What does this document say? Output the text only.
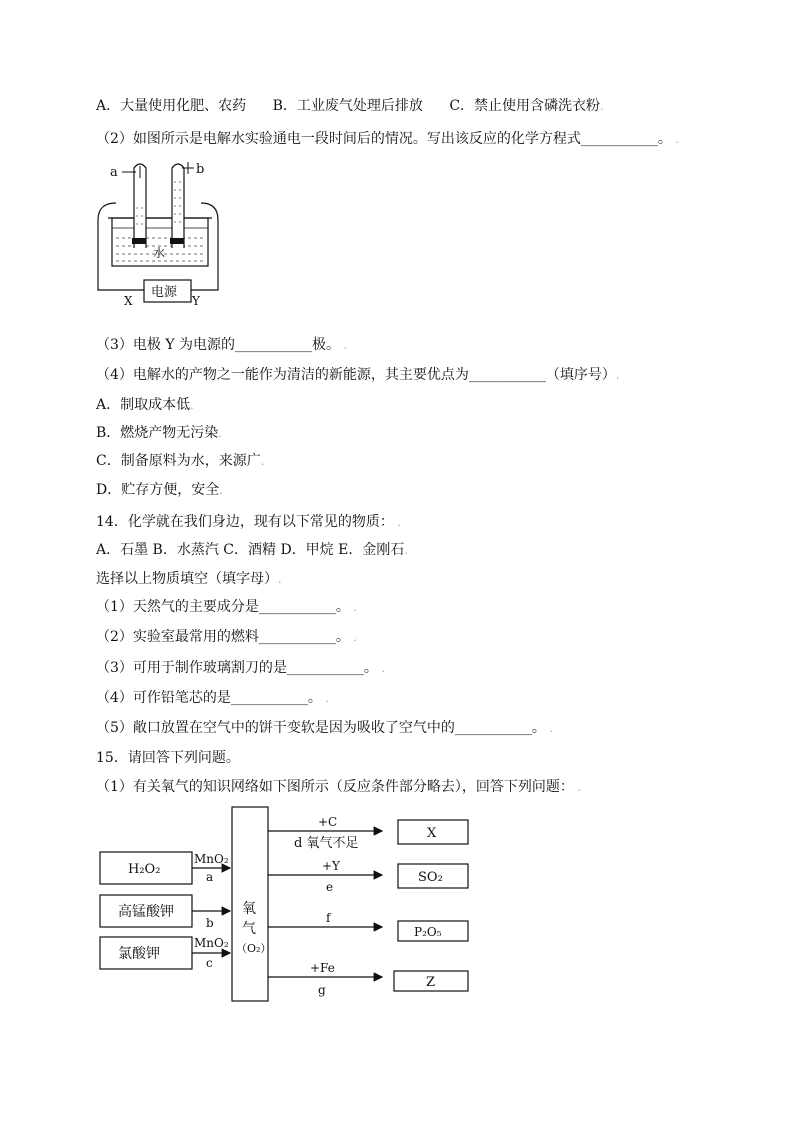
A．大量使用化肥、农药 B．工业废气处理后排放 C．禁止使用含磷洗衣粉.
（2）如图所示是电解水实验通电一段时间后的情况。写出该反应的化学方程式___________。 .
a	b
水
电源
X	Y
（3）电极 Y 为电源的___________极。 .
（4）电解水的产物之一能作为清洁的新能源，其主要优点为___________（填序号）.
A．制取成本低.
B．燃烧产物无污染.
C．制备原料为水，来源广.
D．贮存方便，安全.
14．化学就在我们身边，现有以下常见的物质： .
A．石墨 B．水蒸汽 C．酒精 D．甲烷 E．金刚石.
选择以上物质填空（填字母）.
（1）天然气的主要成分是___________。 .
（2）实验室最常用的燃料___________。 .
（3）可用于制作玻璃割刀的是___________。 .
（4）可作铅笔芯的是___________。 .
（5）敞口放置在空气中的饼干变软是因为吸收了空气中的___________。 .
15．请回答下列问题。
（1）有关氧气的知识网络如下图所示（反应条件部分略去），回答下列问题： .
H₂O₂
高锰酸钾
氯酸钾
MnO₂
a
b
MnO₂
c
氧
气
（O₂）
+C
d 氧气不足
X
+Y
e
SO₂
f
P₂O₅
+Fe
g	Z
